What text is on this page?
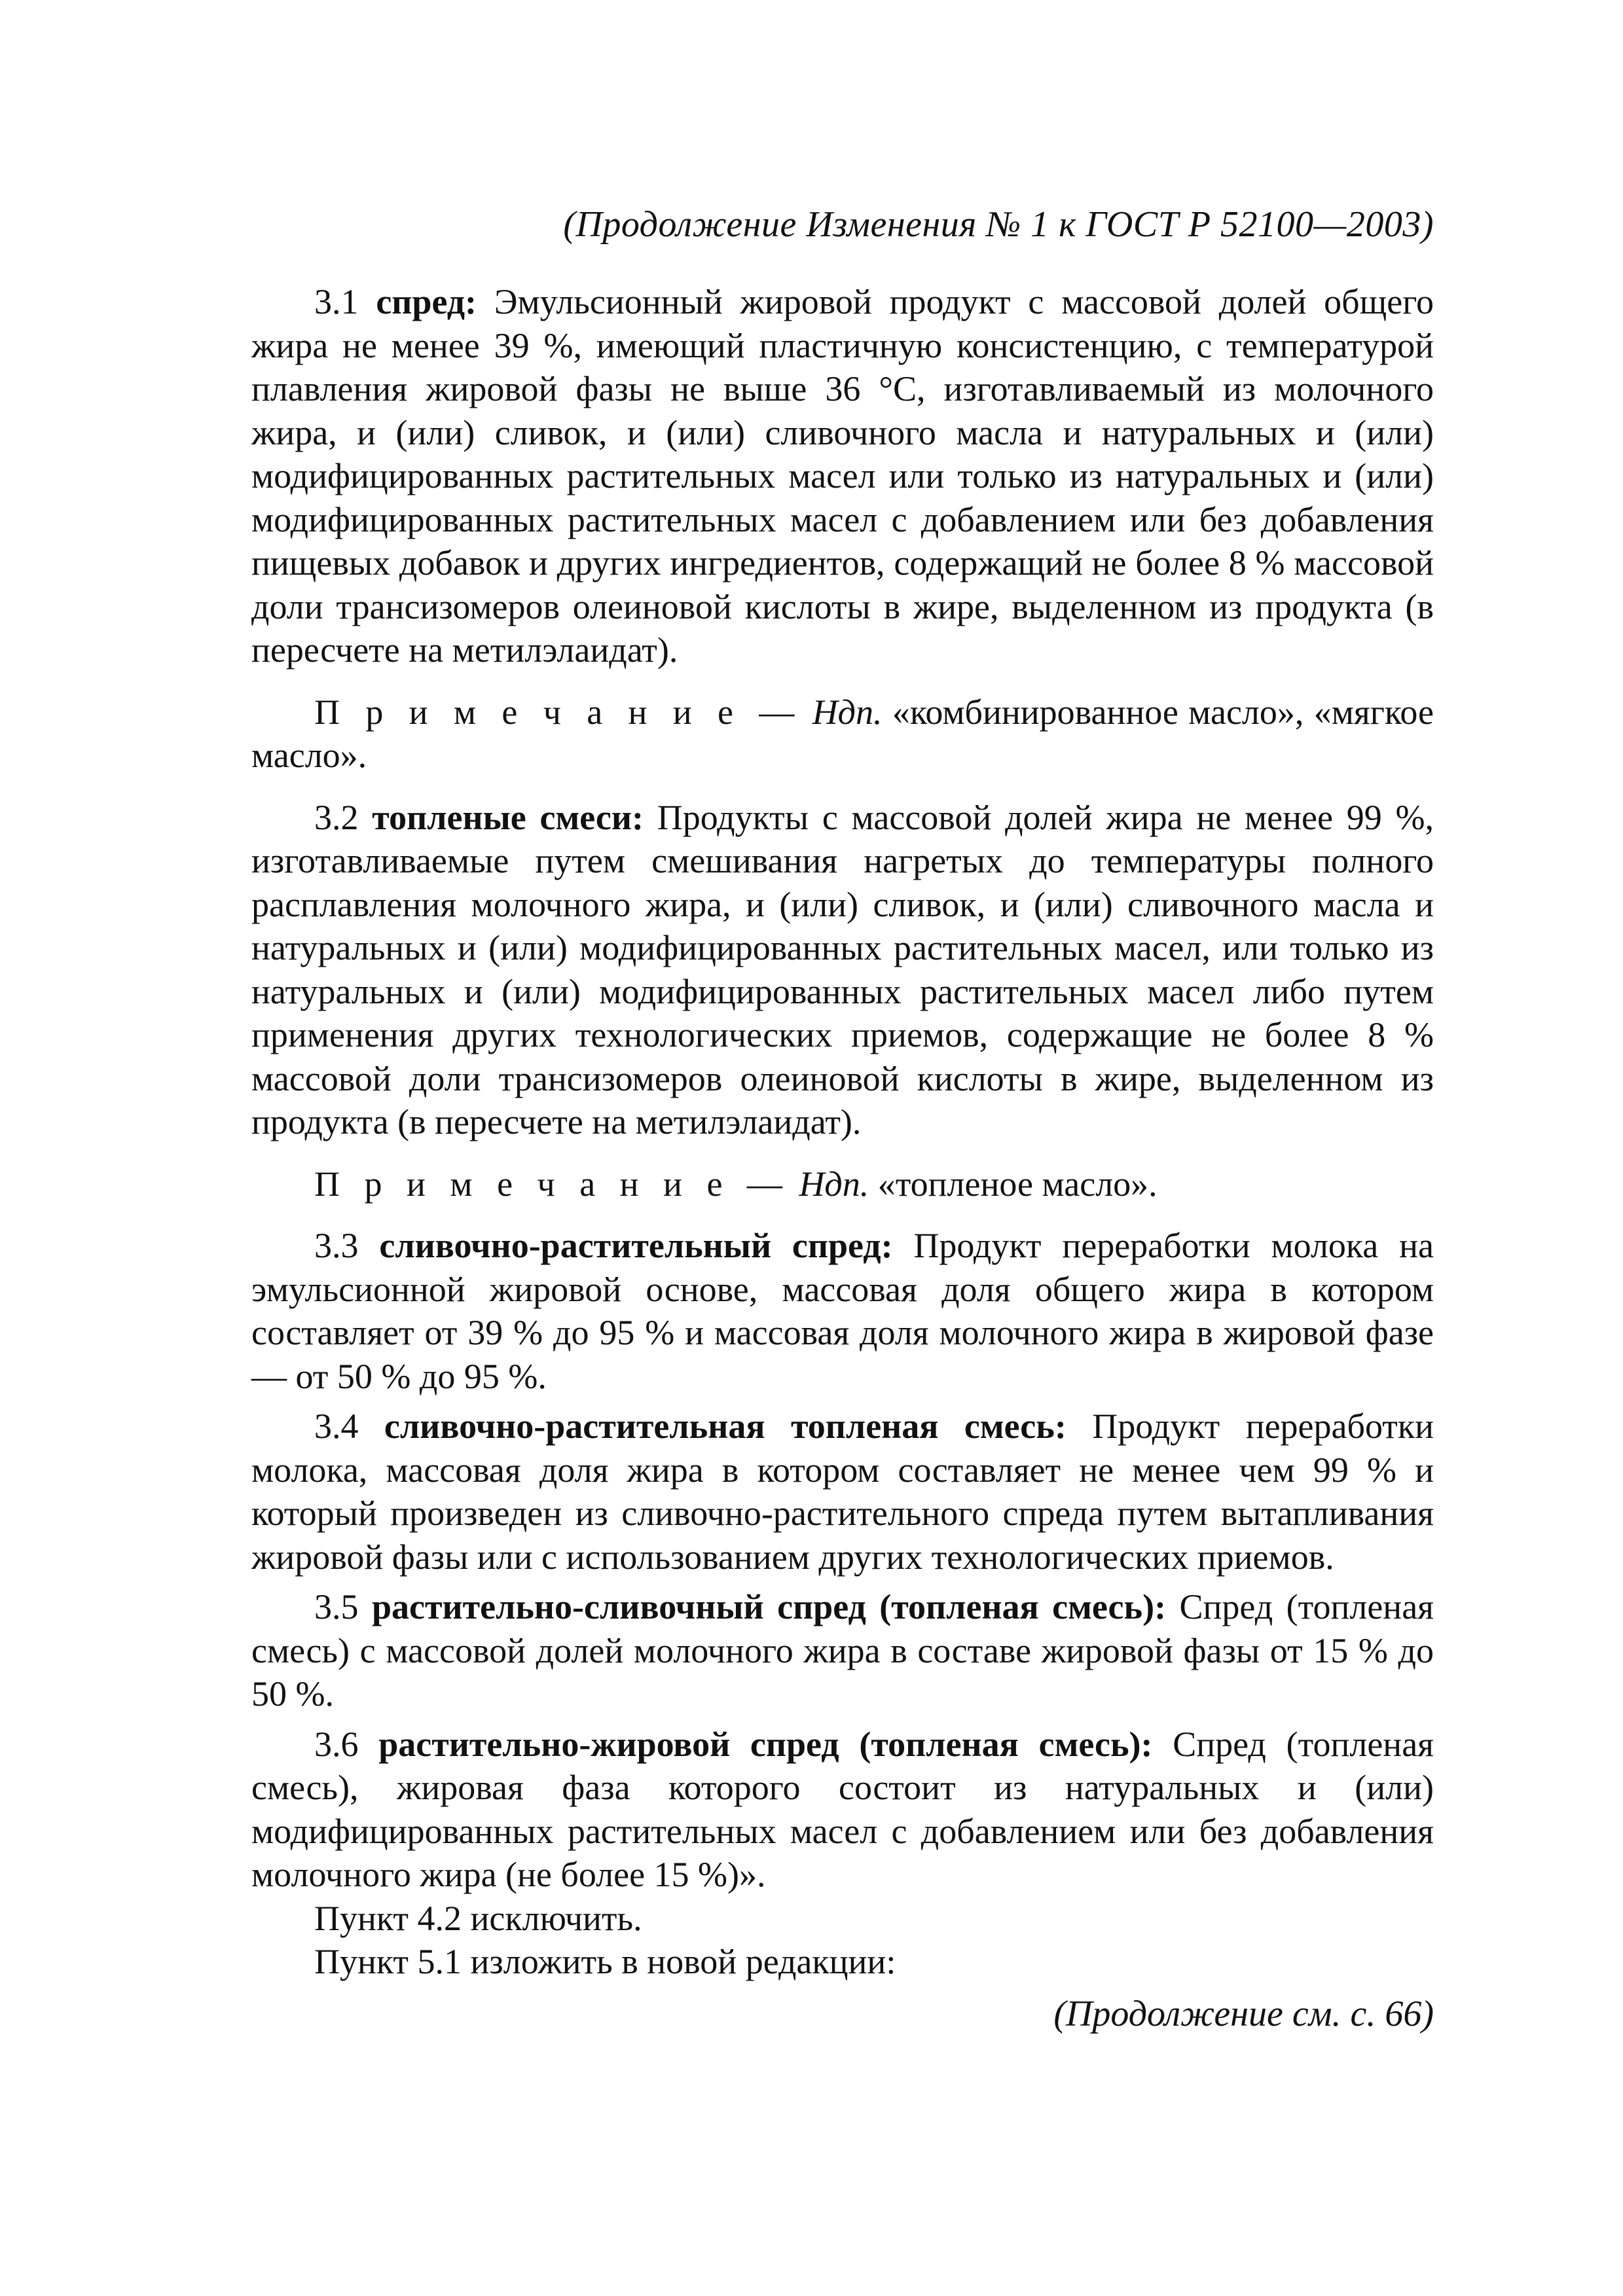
(Продолжение Изменения № 1 к ГОСТ Р 52100—2003)

3.1 спред: Эмульсионный жировой продукт с массовой долей общего жира не менее 39 %, имеющий пластичную консистенцию, с температурой плавления жировой фазы не выше 36 °С, изготавливаемый из молочного жира, и (или) сливок, и (или) сливочного масла и натуральных и (или) модифицированных растительных масел или только из натуральных и (или) модифицированных растительных масел с добавлением или без добавления пищевых добавок и других ингредиентов, содержащий не более 8 % массовой доли трансизомеров олеиновой кислоты в жире, выделенном из продукта (в пересчете на метилэлаидат).

П р и м е ч а н и е — Ндп. «комбинированное масло», «мягкое масло».

3.2 топленые смеси: Продукты с массовой долей жира не менее 99 %, изготавливаемые путем смешивания нагретых до температуры полного расплавления молочного жира, и (или) сливок, и (или) сливочного масла и натуральных и (или) модифицированных растительных масел, или только из натуральных и (или) модифицированных растительных масел либо путем применения других технологических приемов, содержащие не более 8 % массовой доли трансизомеров олеиновой кислоты в жире, выделенном из продукта (в пересчете на метилэлаидат).

П р и м е ч а н и е — Ндп. «топленое масло».

3.3 сливочно-растительный спред: Продукт переработки молока на эмульсионной жировой основе, массовая доля общего жира в котором составляет от 39 % до 95 % и массовая доля молочного жира в жировой фазе — от 50 % до 95 %.

3.4 сливочно-растительная топленая смесь: Продукт переработки молока, массовая доля жира в котором составляет не менее чем 99 % и который произведен из сливочно-растительного спреда путем вытапливания жировой фазы или с использованием других технологических приемов.

3.5 растительно-сливочный спред (топленая смесь): Спред (топленая смесь) с массовой долей молочного жира в составе жировой фазы от 15 % до 50 %.

3.6 растительно-жировой спред (топленая смесь): Спред (топленая смесь), жировая фаза которого состоит из натуральных и (или) модифицированных растительных масел с добавлением или без добавления молочного жира (не более 15 %)».

Пункт 4.2 исключить.

Пункт 5.1 изложить в новой редакции:

(Продолжение см. с. 66)
